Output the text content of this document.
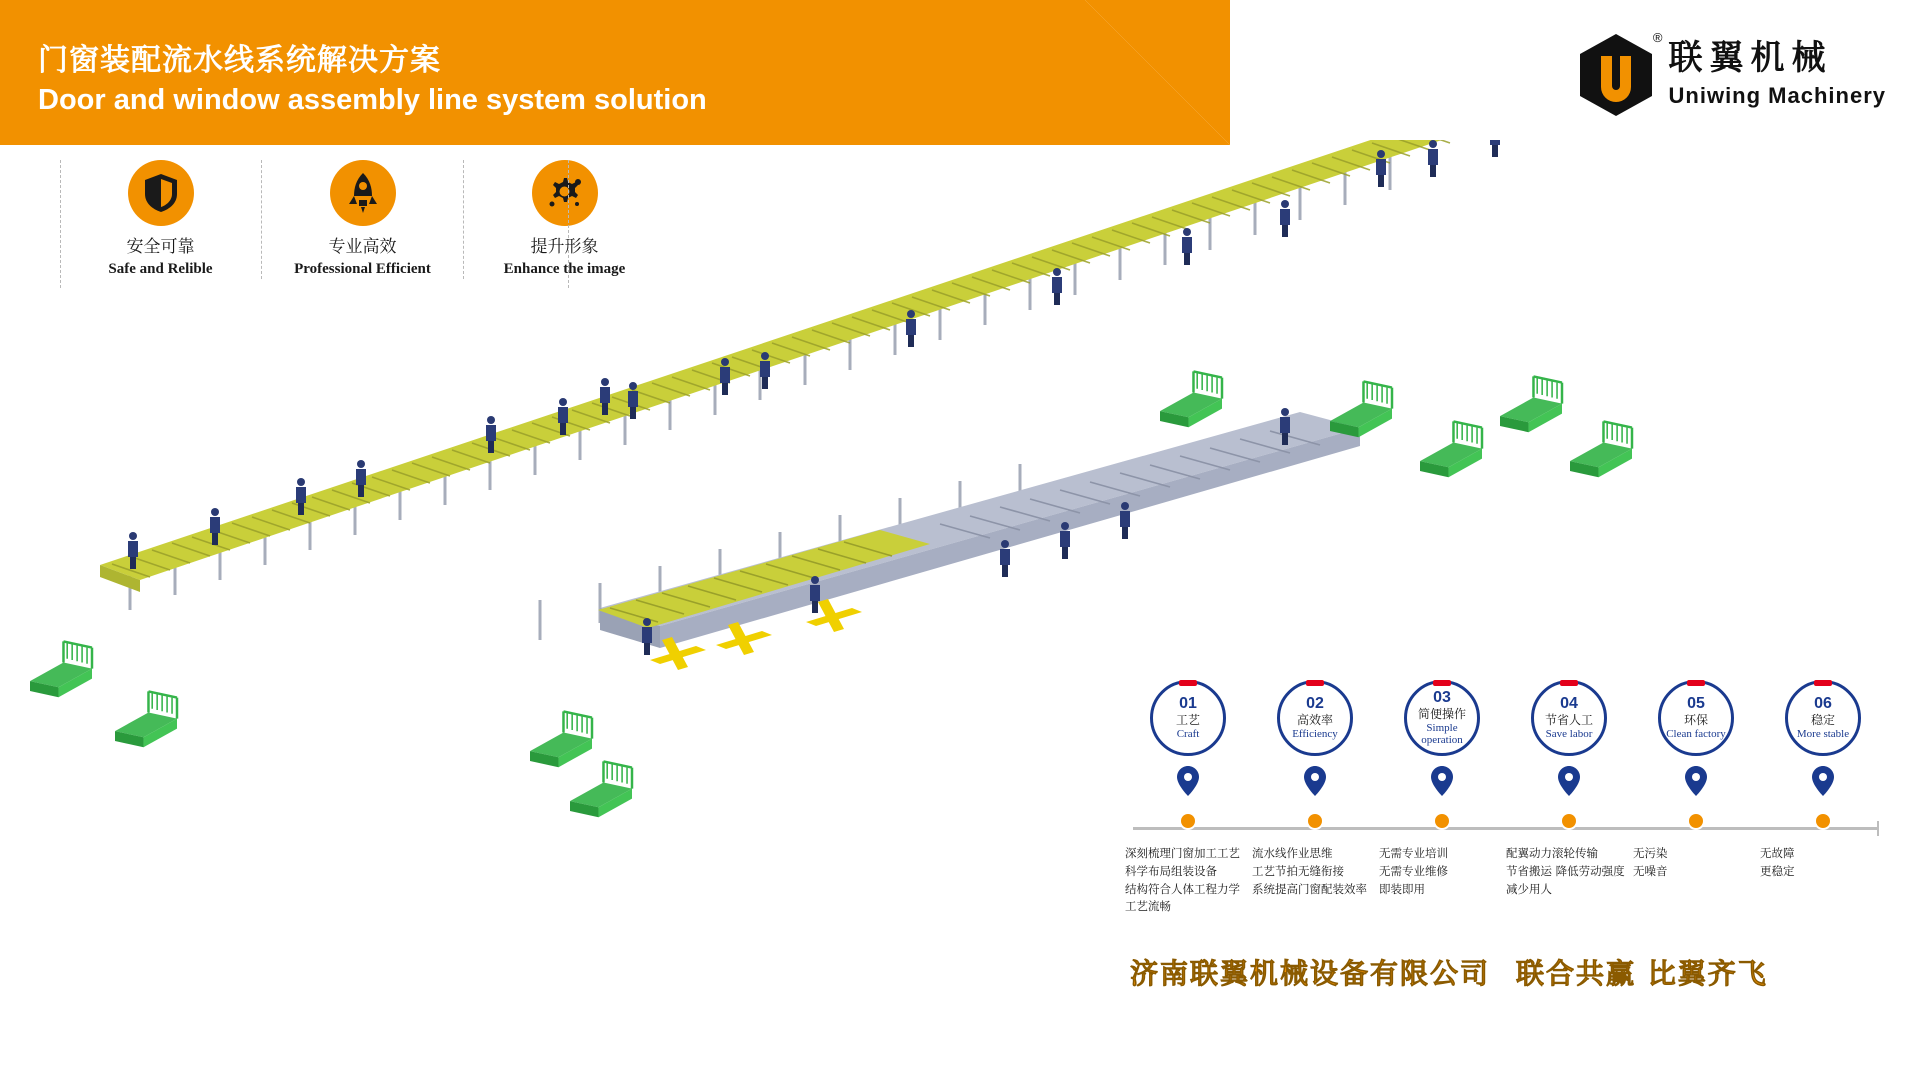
门窗装配流水线系统解决方案
Door and window assembly line system solution
®
联翼机械
Uniwing Machinery
安全可靠
Safe and Relible
专业高效
Professional Efficient
提升形象
Enhance the image
01
工艺
Craft
深刻梳理门窗加工工艺
科学布局组装设备
结构符合人体工程力学
工艺流畅
02
高效率
Efficiency
流水线作业思维
工艺节拍无缝衔接
系统提高门窗配装效率
03
简便操作
Simple operation
无需专业培训
无需专业维修
即装即用
04
节省人工
Save labor
配翼动力滚轮传输
节省搬运 降低劳动强度
减少用人
05
环保
Clean factory
无污染
无噪音
06
稳定
More stable
无故障
更稳定
济南联翼机械设备有限公司 联合共赢 比翼齐飞
